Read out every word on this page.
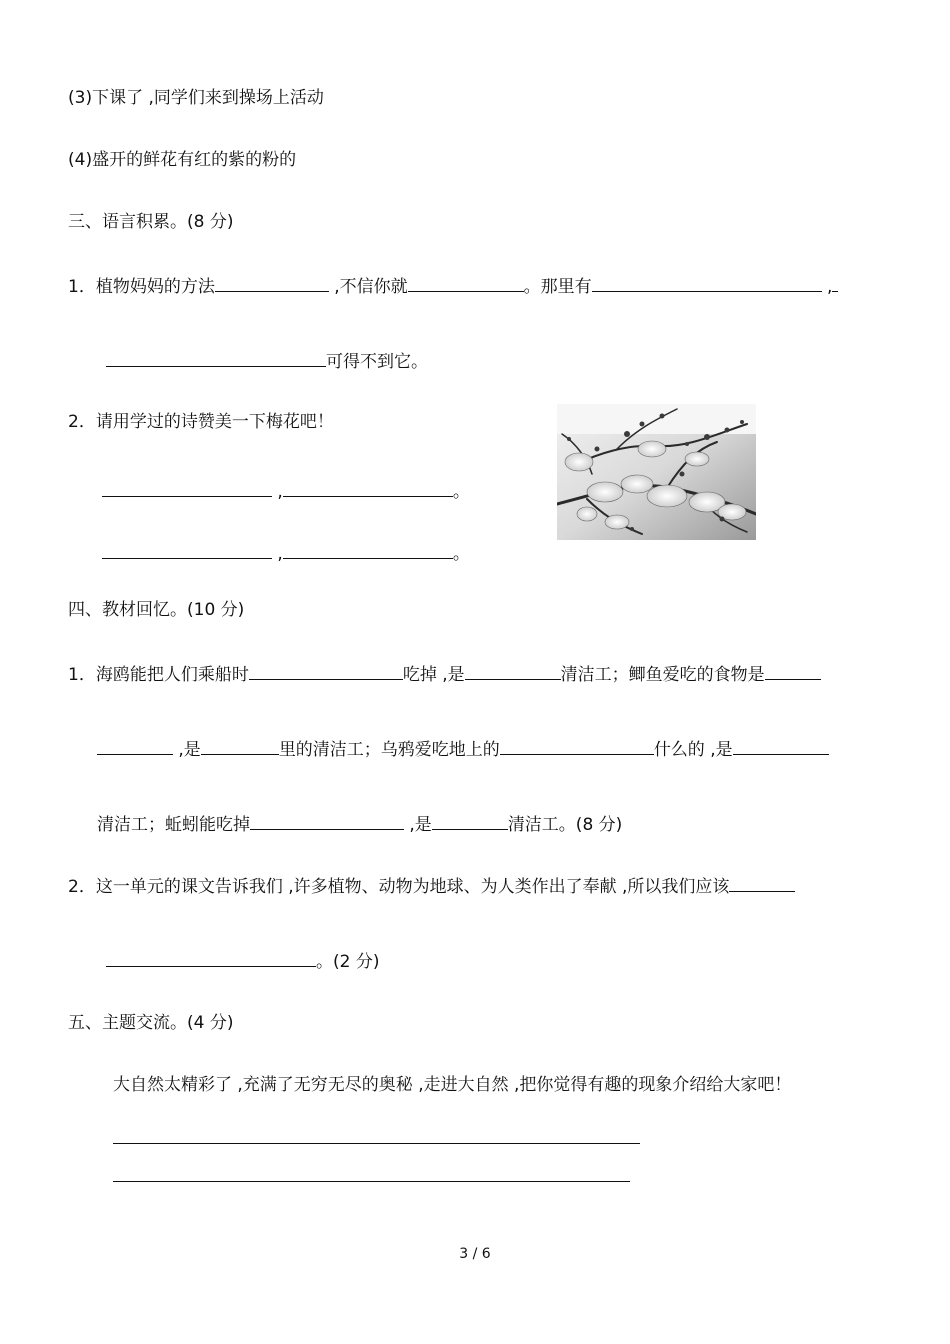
(3)下课了 ,同学们来到操场上活动
(4)盛开的鲜花有红的紫的粉的
三、语言积累。(8 分)
1．植物妈妈的方法	,不信你就	。那里有	,
可得不到它。
2．请用学过的诗赞美一下梅花吧！
,	。
,	。
四、教材回忆。(10 分)
1．海鸥能把人们乘船时	吃掉 ,是	清洁工；鲫鱼爱吃的食物是
,是	里的清洁工；乌鸦爱吃地上的	什么的 ,是
清洁工；蚯蚓能吃掉	,是	清洁工。(8 分)
2．这一单元的课文告诉我们 ,许多植物、动物为地球、为人类作出了奉献 ,所以我们应该
。(2 分)
五、主题交流。(4 分)
大自然太精彩了 ,充满了无穷无尽的奥秘 ,走进大自然 ,把你觉得有趣的现象介绍给大家吧！
3 / 6
